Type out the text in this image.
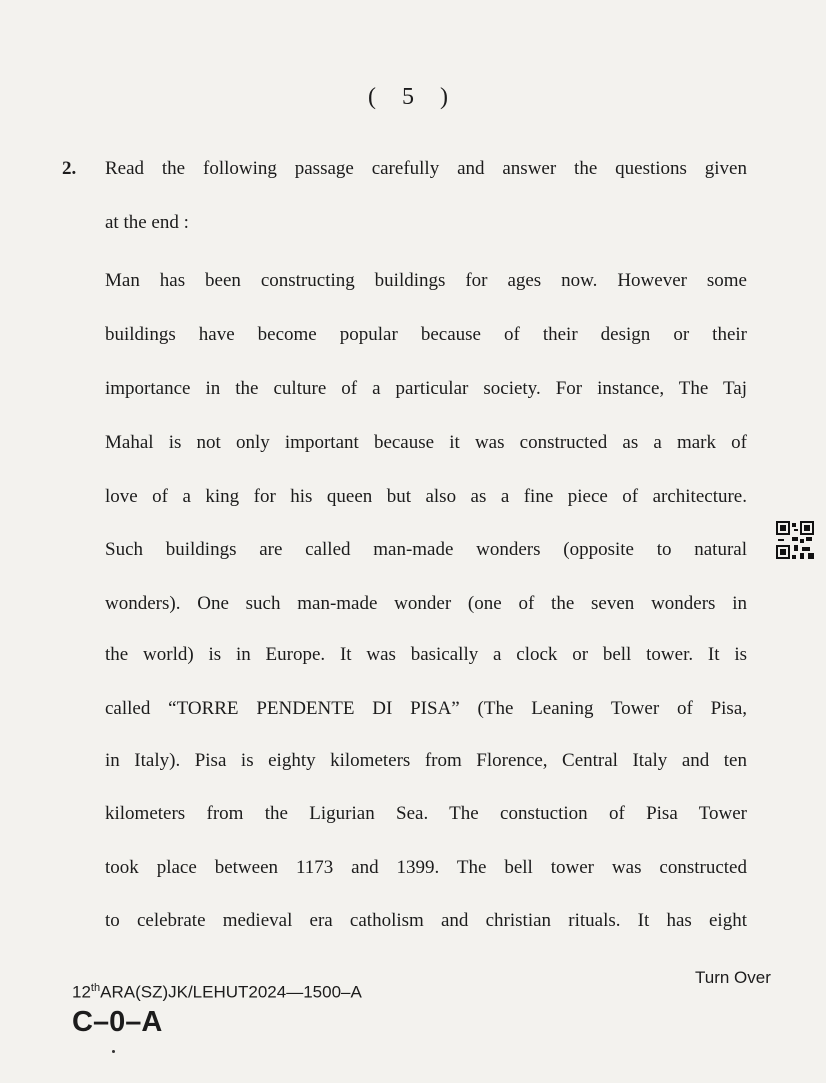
( 5 )
2. Read the following passage carefully and answer the questions given
at the end :
Man has been constructing buildings for ages now. However some
buildings have become popular because of their design or their
importance in the culture of a particular society. For instance, The Taj
Mahal is not only important because it was constructed as a mark of
love of a king for his queen but also as a fine piece of architecture.
Such buildings are called man-made wonders (opposite to natural
wonders). One such man-made wonder (one of the seven wonders in
the world) is in Europe. It was basically a clock or bell tower. It is
called “TORRE PENDENTE DI PISA” (The Leaning Tower of Pisa,
in Italy). Pisa is eighty kilometers from Florence, Central Italy and ten
kilometers from the Ligurian Sea. The constuction of Pisa Tower
took place between 1173 and 1399. The bell tower was constructed
to celebrate medieval era catholism and christian rituals. It has eight
12thARA(SZ)JK/LEHUT2024—1500–A
Turn Over
C–0–A
